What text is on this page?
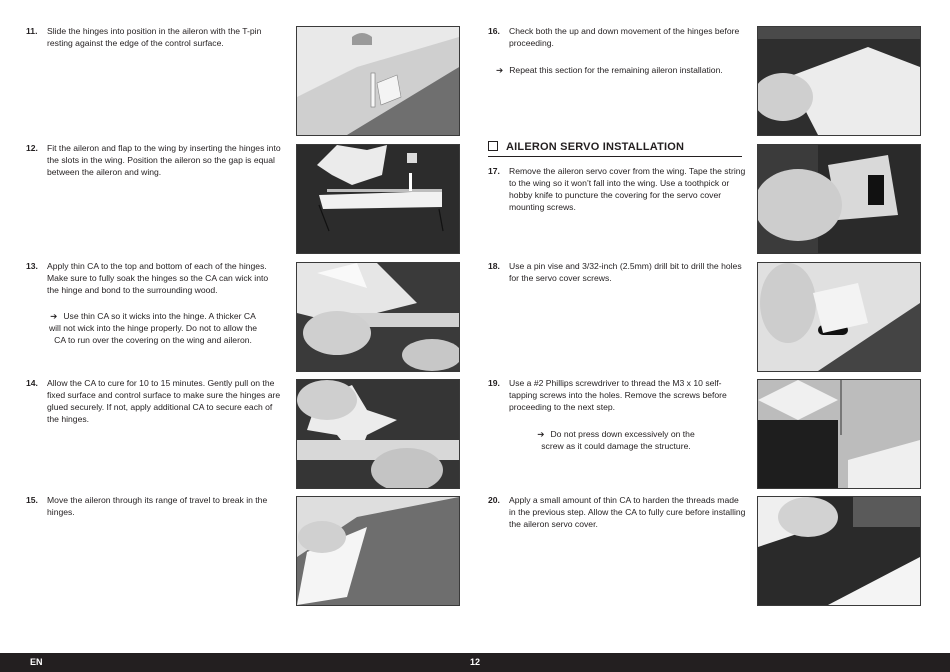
11. Slide the hinges into position in the aileron with the T-pin resting against the edge of the control surface.
12. Fit the aileron and flap to the wing by inserting the hinges into the slots in the wing. Position the aileron so the gap is equal between the aileron and wing.
13. Apply thin CA to the top and bottom of each of the hinges. Make sure to fully soak the hinges so the CA can wick into the hinge and bond to the surrounding wood.
➔ Use thin CA so it wicks into the hinge. A thicker CA will not wick into the hinge properly. Do not to allow the CA to run over the covering on the wing and aileron.
14. Allow the CA to cure for 10 to 15 minutes. Gently pull on the fixed surface and control surface to make sure the hinges are glued securely. If not, apply additional CA to secure each of the hinges.
15. Move the aileron through its range of travel to break in the hinges.
16. Check both the up and down movement of the hinges before proceeding.
➔ Repeat this section for the remaining aileron installation.
AILERON SERVO INSTALLATION
17. Remove the aileron servo cover from the wing. Tape the string to the wing so it won’t fall into the wing. Use a toothpick or hobby knife to puncture the covering for the servo cover mounting screws.
18. Use a pin vise and 3/32-inch (2.5mm) drill bit to drill the holes for the servo cover screws.
19. Use a #2 Phillips screwdriver to thread the M3 x 10 self-tapping screws into the holes. Remove the screws before proceeding to the next step.
➔ Do not press down excessively on the screw as it could damage the structure.
20. Apply a small amount of thin CA to harden the threads made in the previous step. Allow the CA to fully cure before installing the aileron servo cover.
EN	12
